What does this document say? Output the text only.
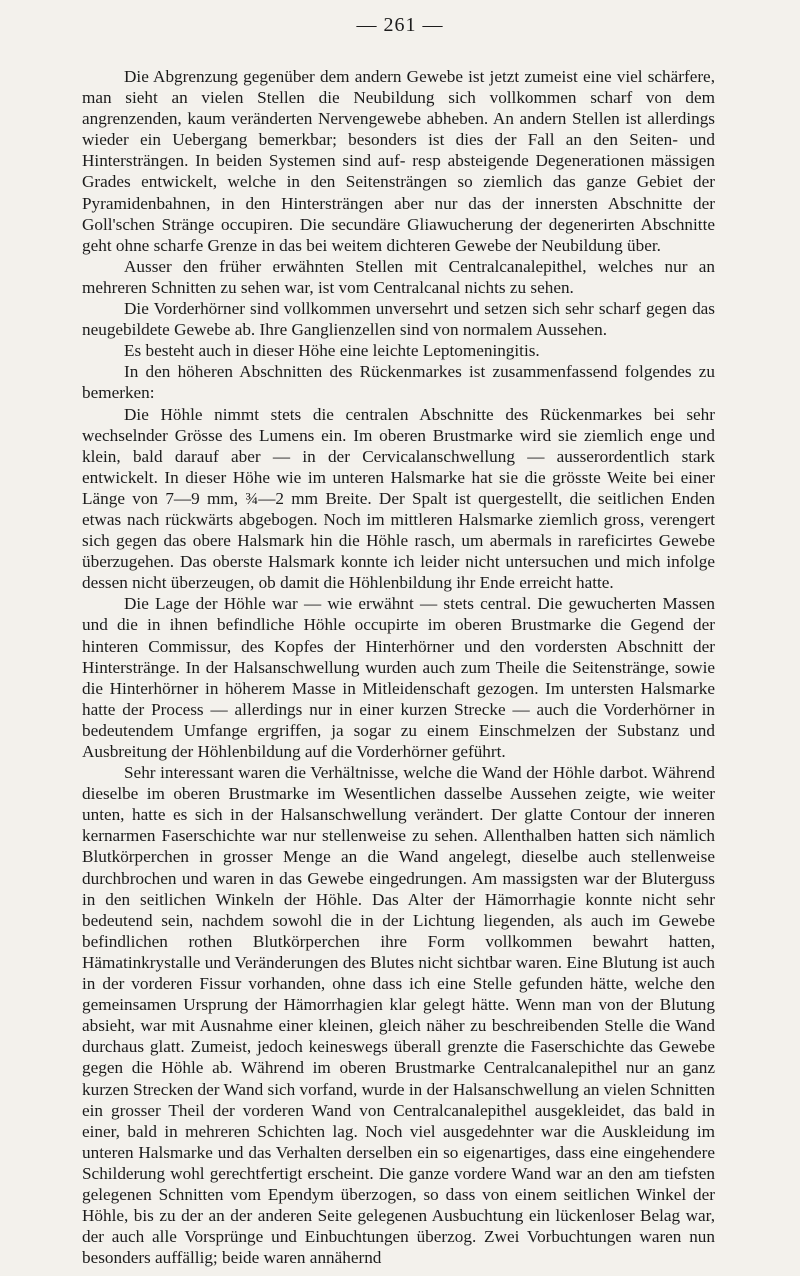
— 261 —

Die Abgrenzung gegenüber dem andern Gewebe ist jetzt zumeist eine viel schärfere, man sieht an vielen Stellen die Neubildung sich vollkommen scharf von dem angrenzenden, kaum veränderten Nervengewebe abheben. An andern Stellen ist allerdings wieder ein Uebergang bemerkbar; besonders ist dies der Fall an den Seiten- und Hintersträngen. In beiden Systemen sind auf- resp absteigende Degenerationen mässigen Grades entwickelt, welche in den Seitensträngen so ziemlich das ganze Gebiet der Pyramidenbahnen, in den Hintersträngen aber nur das der innersten Abschnitte der Goll'schen Stränge occupiren. Die secundäre Gliawucherung der degenerirten Abschnitte geht ohne scharfe Grenze in das bei weitem dichteren Gewebe der Neubildung über.

Ausser den früher erwähnten Stellen mit Centralcanalepithel, welches nur an mehreren Schnitten zu sehen war, ist vom Centralcanal nichts zu sehen.

Die Vorderhörner sind vollkommen unversehrt und setzen sich sehr scharf gegen das neugebildete Gewebe ab. Ihre Ganglienzellen sind von normalem Aussehen.

Es besteht auch in dieser Höhe eine leichte Leptomeningitis.

In den höheren Abschnitten des Rückenmarkes ist zusammenfassend folgendes zu bemerken:

Die Höhle nimmt stets die centralen Abschnitte des Rückenmarkes bei sehr wechselnder Grösse des Lumens ein. Im oberen Brustmarke wird sie ziemlich enge und klein, bald darauf aber — in der Cervicalanschwellung — ausserordentlich stark entwickelt. In dieser Höhe wie im unteren Halsmarke hat sie die grösste Weite bei einer Länge von 7—9 mm, ¾—2 mm Breite. Der Spalt ist quergestellt, die seitlichen Enden etwas nach rückwärts abgebogen. Noch im mittleren Halsmarke ziemlich gross, verengert sich gegen das obere Halsmark hin die Höhle rasch, um abermals in rareficirtes Gewebe überzugehen. Das oberste Halsmark konnte ich leider nicht untersuchen und mich infolge dessen nicht überzeugen, ob damit die Höhlenbildung ihr Ende erreicht hatte.

Die Lage der Höhle war — wie erwähnt — stets central. Die gewucherten Massen und die in ihnen befindliche Höhle occupirte im oberen Brustmarke die Gegend der hinteren Commissur, des Kopfes der Hinterhörner und den vordersten Abschnitt der Hinterstränge. In der Halsanschwellung wurden auch zum Theile die Seitenstränge, sowie die Hinterhörner in höherem Masse in Mitleidenschaft gezogen. Im untersten Halsmarke hatte der Process — allerdings nur in einer kurzen Strecke — auch die Vorderhörner in bedeutendem Umfange ergriffen, ja sogar zu einem Einschmelzen der Substanz und Ausbreitung der Höhlenbildung auf die Vorderhörner geführt.

Sehr interessant waren die Verhältnisse, welche die Wand der Höhle darbot. Während dieselbe im oberen Brustmarke im Wesentlichen dasselbe Aussehen zeigte, wie weiter unten, hatte es sich in der Halsanschwellung verändert. Der glatte Contour der inneren kernarmen Faserschichte war nur stellenweise zu sehen. Allenthalben hatten sich nämlich Blutkörperchen in grosser Menge an die Wand angelegt, dieselbe auch stellenweise durchbrochen und waren in das Gewebe eingedrungen. Am massigsten war der Bluterguss in den seitlichen Winkeln der Höhle. Das Alter der Hämorrhagie konnte nicht sehr bedeutend sein, nachdem sowohl die in der Lichtung liegenden, als auch im Gewebe befindlichen rothen Blutkörperchen ihre Form vollkommen bewahrt hatten, Hämatinkrystalle und Veränderungen des Blutes nicht sichtbar waren. Eine Blutung ist auch in der vorderen Fissur vorhanden, ohne dass ich eine Stelle gefunden hätte, welche den gemeinsamen Ursprung der Hämorrhagien klar gelegt hätte. Wenn man von der Blutung absieht, war mit Ausnahme einer kleinen, gleich näher zu beschreibenden Stelle die Wand durchaus glatt. Zumeist, jedoch keineswegs überall grenzte die Faserschichte das Gewebe gegen die Höhle ab. Während im oberen Brustmarke Centralcanalepithel nur an ganz kurzen Strecken der Wand sich vorfand, wurde in der Halsanschwellung an vielen Schnitten ein grosser Theil der vorderen Wand von Centralcanalepithel ausgekleidet, das bald in einer, bald in mehreren Schichten lag. Noch viel ausgedehnter war die Auskleidung im unteren Halsmarke und das Verhalten derselben ein so eigenartiges, dass eine eingehendere Schilderung wohl gerechtfertigt erscheint. Die ganze vordere Wand war an den am tiefsten gelegenen Schnitten vom Ependym überzogen, so dass von einem seitlichen Winkel der Höhle, bis zu der an der anderen Seite gelegenen Ausbuchtung ein lückenloser Belag war, der auch alle Vorsprünge und Einbuchtungen überzog. Zwei Vorbuchtungen waren nun besonders auffällig; beide waren annähernd
